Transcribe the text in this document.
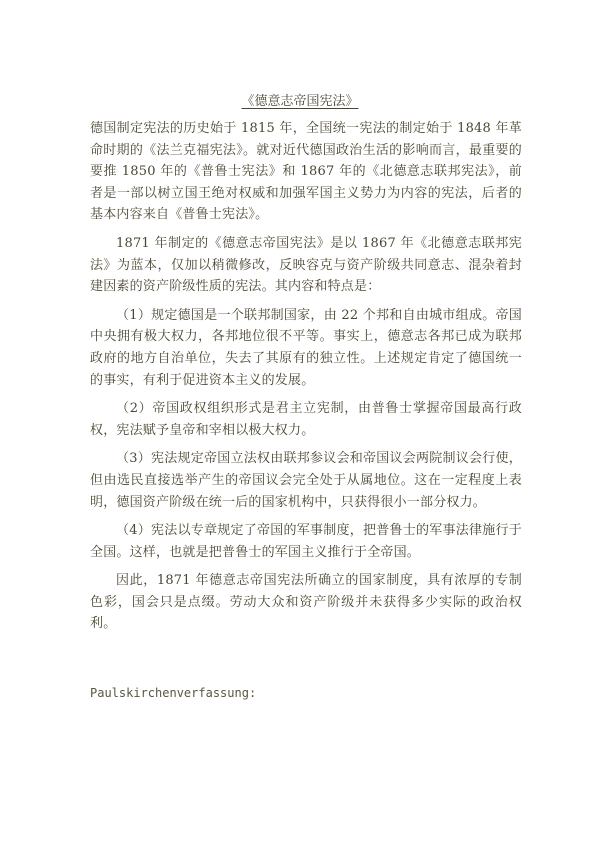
《德意志帝国宪法》

德国制定宪法的历史始于 1815 年，全国统一宪法的制定始于 1848 年革命时期的《法兰克福宪法》。就对近代德国政治生活的影响而言，最重要的要推 1850 年的《普鲁士宪法》和 1867 年的《北德意志联邦宪法》，前者是一部以树立国王绝对权威和加强军国主义势力为内容的宪法，后者的基本内容来自《普鲁士宪法》。

1871 年制定的《德意志帝国宪法》是以 1867 年《北德意志联邦宪法》为蓝本，仅加以稍微修改，反映容克与资产阶级共同意志、混杂着封建因素的资产阶级性质的宪法。其内容和特点是：

（1）规定德国是一个联邦制国家，由 22 个邦和自由城市组成。帝国中央拥有极大权力，各邦地位很不平等。事实上，德意志各邦已成为联邦政府的地方自治单位，失去了其原有的独立性。上述规定肯定了德国统一的事实，有利于促进资本主义的发展。

（2）帝国政权组织形式是君主立宪制，由普鲁士掌握帝国最高行政权，宪法赋予皇帝和宰相以极大权力。

（3）宪法规定帝国立法权由联邦参议会和帝国议会两院制议会行使，但由选民直接选举产生的帝国议会完全处于从属地位。这在一定程度上表明，德国资产阶级在统一后的国家机构中，只获得很小一部分权力。

（4）宪法以专章规定了帝国的军事制度，把普鲁士的军事法律施行于全国。这样，也就是把普鲁士的军国主义推行于全帝国。

因此，1871 年德意志帝国宪法所确立的国家制度，具有浓厚的专制色彩，国会只是点缀。劳动大众和资产阶级并未获得多少实际的政治权利。

Paulskirchenverfassung:
